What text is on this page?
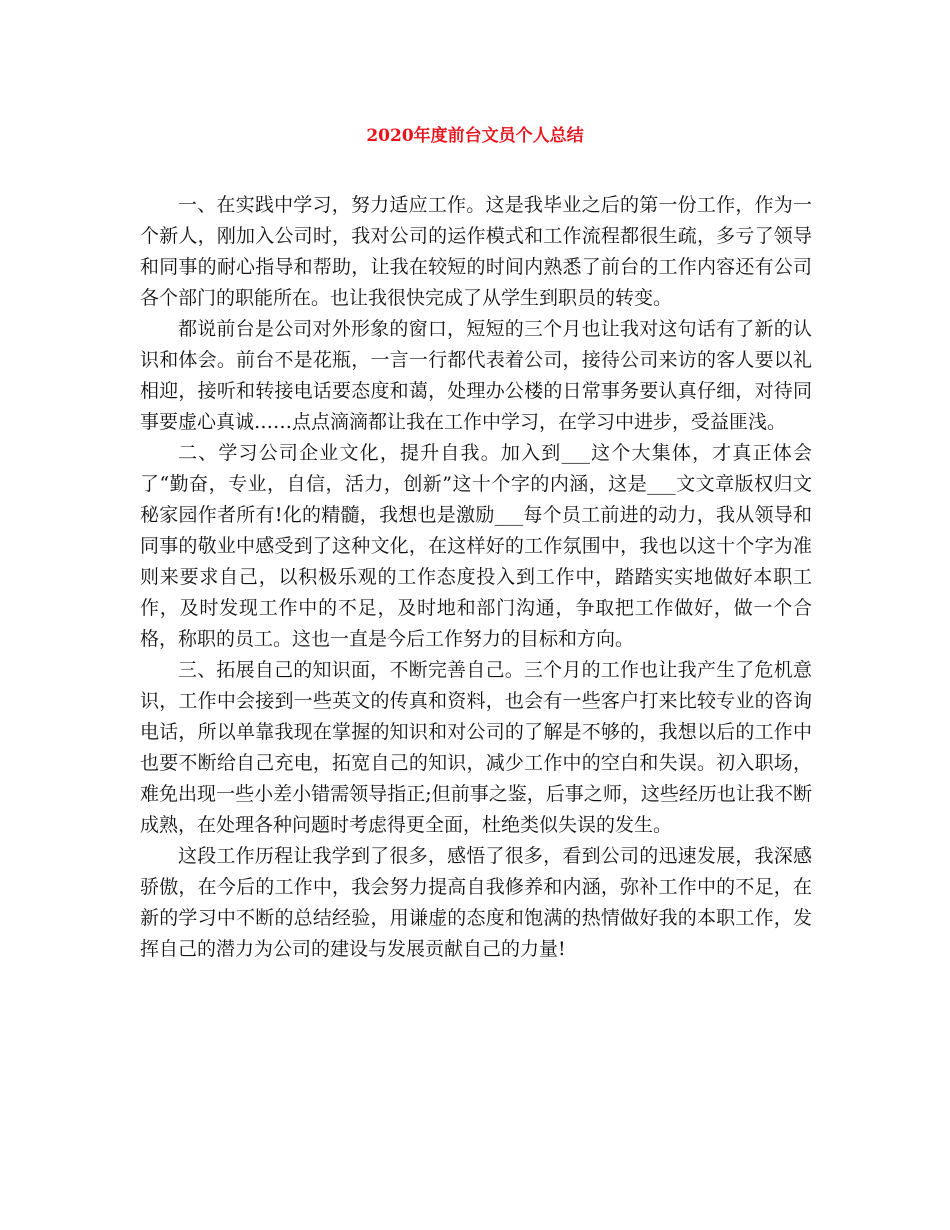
2020年度前台文员个人总结

一、在实践中学习，努力适应工作。这是我毕业之后的第一份工作，作为一个新人，刚加入公司时，我对公司的运作模式和工作流程都很生疏，多亏了领导和同事的耐心指导和帮助，让我在较短的时间内熟悉了前台的工作内容还有公司各个部门的职能所在。也让我很快完成了从学生到职员的转变。

都说前台是公司对外形象的窗口，短短的三个月也让我对这句话有了新的认识和体会。前台不是花瓶，一言一行都代表着公司，接待公司来访的客人要以礼相迎，接听和转接电话要态度和蔼，处理办公楼的日常事务要认真仔细，对待同事要虚心真诚……点点滴滴都让我在工作中学习，在学习中进步，受益匪浅。

二、学习公司企业文化，提升自我。加入到___这个大集体，才真正体会了“勤奋，专业，自信，活力，创新”这十个字的内涵，这是___文文章版权归文秘家园作者所有!化的精髓，我想也是激励___每个员工前进的动力，我从领导和同事的敬业中感受到了这种文化，在这样好的工作氛围中，我也以这十个字为准则来要求自己，以积极乐观的工作态度投入到工作中，踏踏实实地做好本职工作，及时发现工作中的不足，及时地和部门沟通，争取把工作做好，做一个合格，称职的员工。这也一直是今后工作努力的目标和方向。

三、拓展自己的知识面，不断完善自己。三个月的工作也让我产生了危机意识，工作中会接到一些英文的传真和资料，也会有一些客户打来比较专业的咨询电话，所以单靠我现在掌握的知识和对公司的了解是不够的，我想以后的工作中也要不断给自己充电，拓宽自己的知识，减少工作中的空白和失误。初入职场，难免出现一些小差小错需领导指正;但前事之鉴，后事之师，这些经历也让我不断成熟，在处理各种问题时考虑得更全面，杜绝类似失误的发生。

这段工作历程让我学到了很多，感悟了很多，看到公司的迅速发展，我深感骄傲，在今后的工作中，我会努力提高自我修养和内涵，弥补工作中的不足，在新的学习中不断的总结经验，用谦虚的态度和饱满的热情做好我的本职工作，发挥自己的潜力为公司的建设与发展贡献自己的力量!
